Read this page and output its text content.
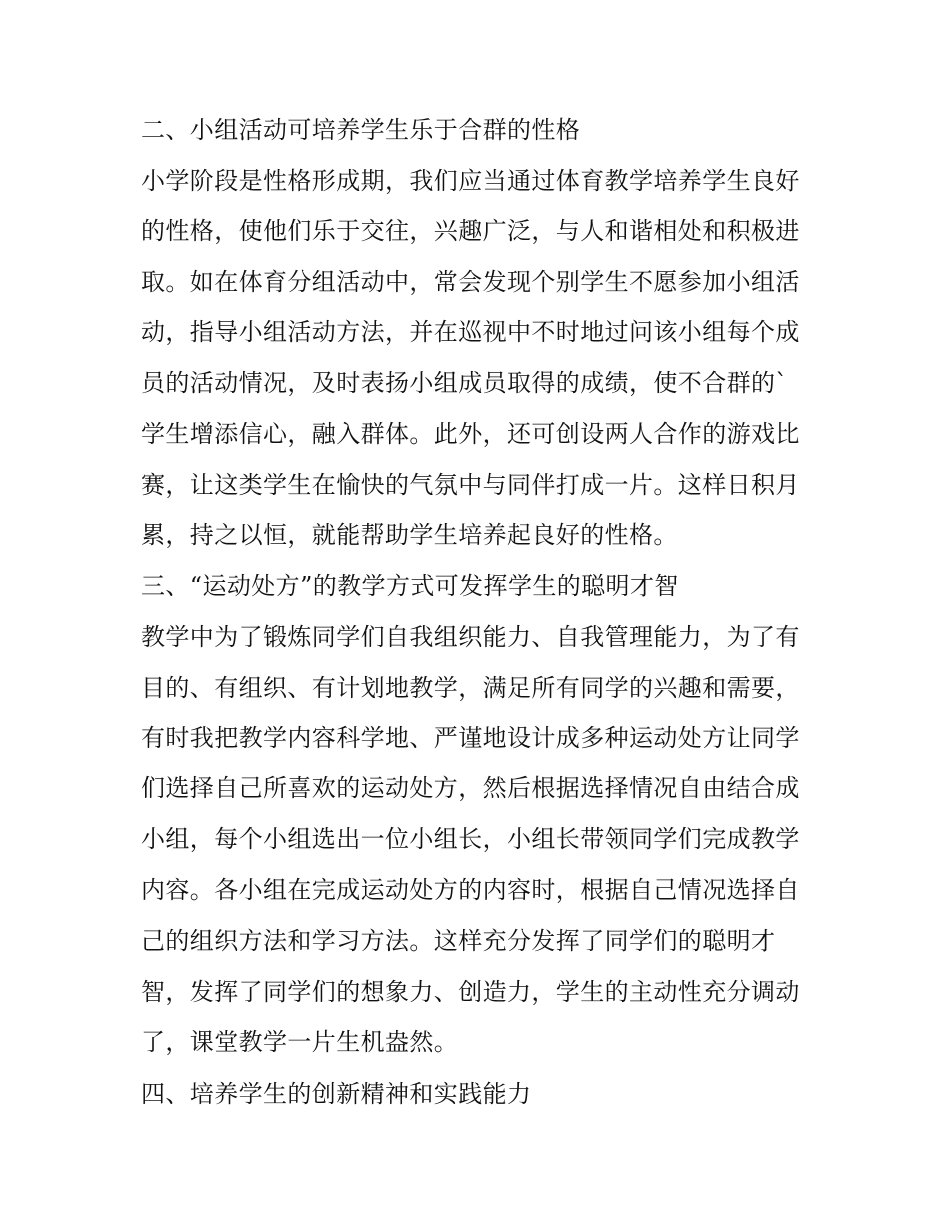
二、小组活动可培养学生乐于合群的性格
小学阶段是性格形成期，我们应当通过体育教学培养学生良好
的性格，使他们乐于交往，兴趣广泛，与人和谐相处和积极进
取。如在体育分组活动中，常会发现个别学生不愿参加小组活
动，指导小组活动方法，并在巡视中不时地过问该小组每个成
员的活动情况，及时表扬小组成员取得的成绩，使不合群的`
学生增添信心，融入群体。此外，还可创设两人合作的游戏比
赛，让这类学生在愉快的气氛中与同伴打成一片。这样日积月
累，持之以恒，就能帮助学生培养起良好的性格。
三、“运动处方”的教学方式可发挥学生的聪明才智
教学中为了锻炼同学们自我组织能力、自我管理能力，为了有
目的、有组织、有计划地教学，满足所有同学的兴趣和需要，
有时我把教学内容科学地、严谨地设计成多种运动处方让同学
们选择自己所喜欢的运动处方，然后根据选择情况自由结合成
小组，每个小组选出一位小组长，小组长带领同学们完成教学
内容。各小组在完成运动处方的内容时，根据自己情况选择自
己的组织方法和学习方法。这样充分发挥了同学们的聪明才
智，发挥了同学们的想象力、创造力，学生的主动性充分调动
了，课堂教学一片生机盎然。
四、培养学生的创新精神和实践能力
